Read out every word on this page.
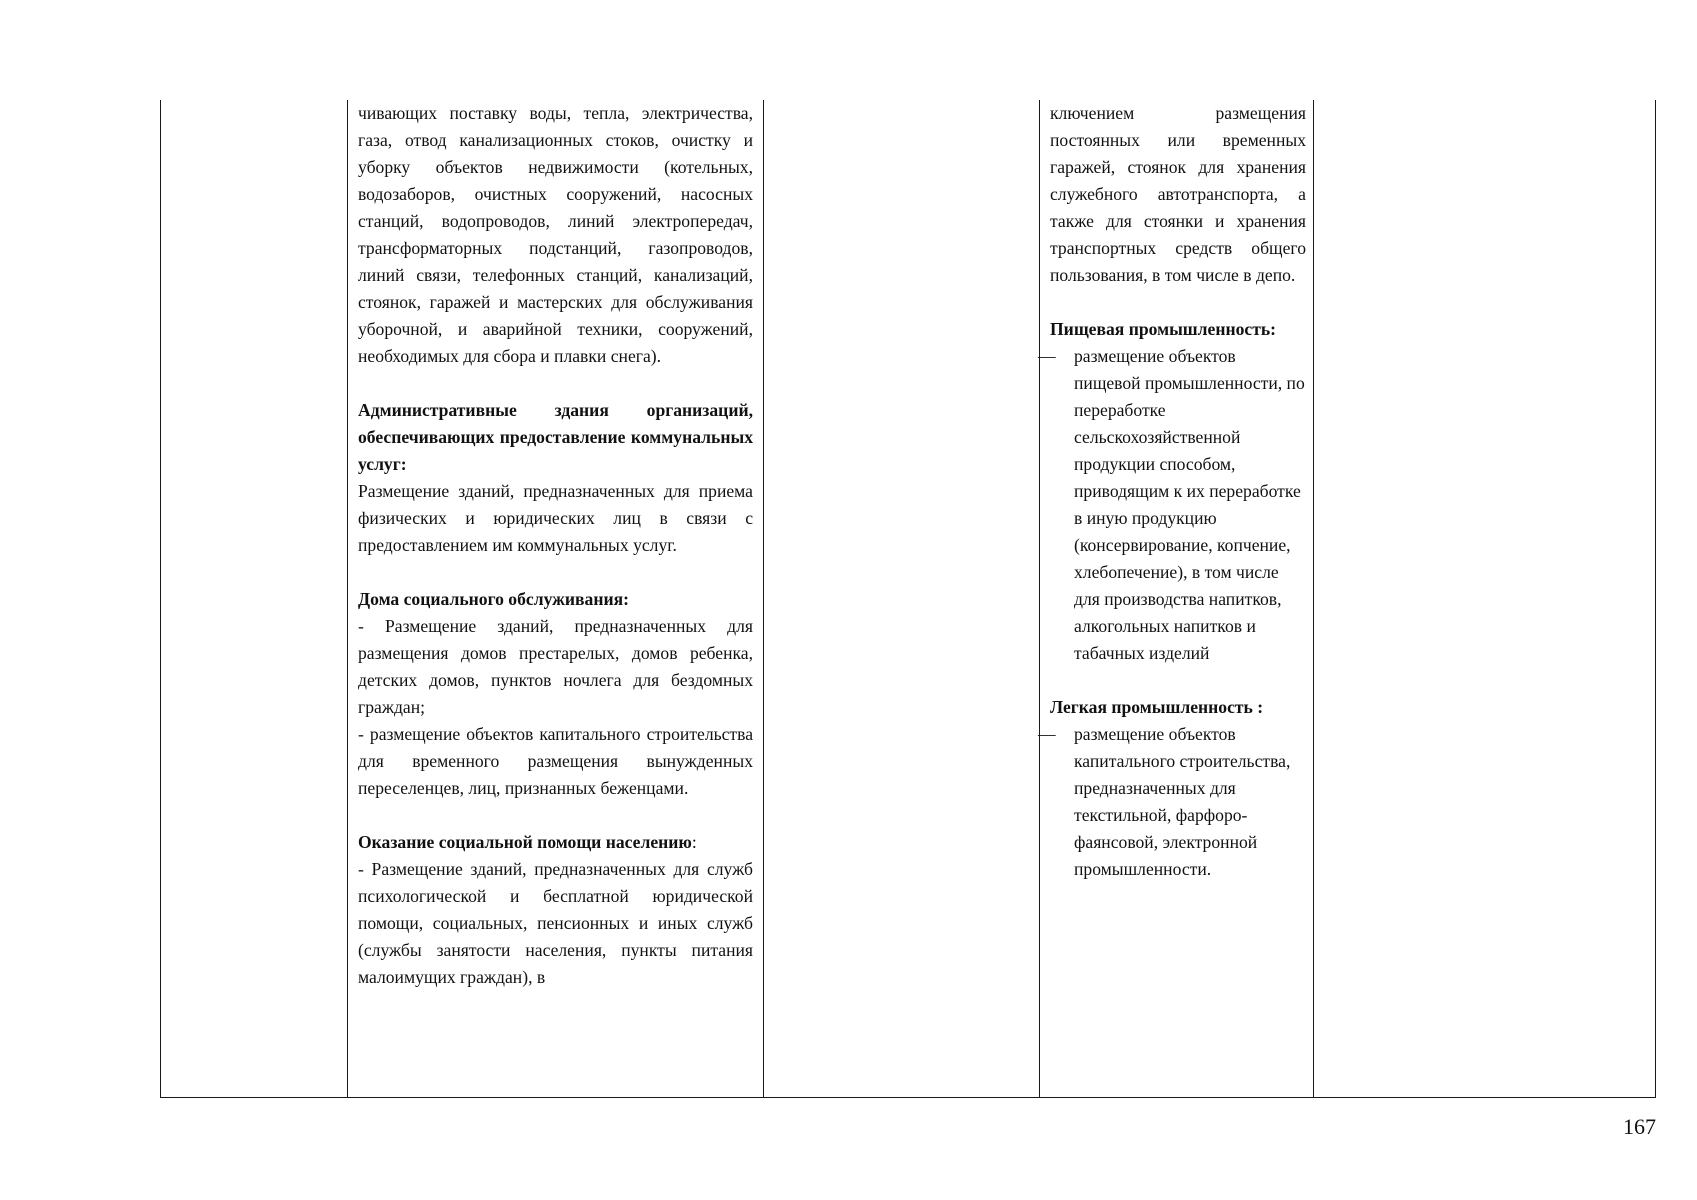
чивающих поставку воды, тепла, электричества, газа, отвод канализационных стоков, очистку и уборку объектов недвижимости (котельных, водозаборов, очистных сооружений, насосных станций, водопроводов, линий электропередач, трансформаторных подстанций, газопроводов, линий связи, телефонных станций, канализаций, стоянок, гаражей и мастерских для обслуживания уборочной, и аварийной техники, сооружений, необходимых для сбора и плавки снега).

Административные здания организаций, обеспечивающих предоставление коммунальных услуг:

Размещение зданий, предназначенных для приема физических и юридических лиц в связи с предоставлением им коммунальных услуг.

Дома социального обслуживания:

- Размещение зданий, предназначенных для размещения домов престарелых, домов ребенка, детских домов, пунктов ночлега для бездомных граждан;

- размещение объектов капитального строительства для временного размещения вынужденных переселенцев, лиц, признанных беженцами.

Оказание социальной помощи населению:

- Размещение зданий, предназначенных для служб психологической и бесплатной юридической помощи, социальных, пенсионных и иных служб (службы занятости населения, пункты питания малоимущих граждан), в

ключением размещения постоянных или временных гаражей, стоянок для хранения служебного автотранспорта, а также для стоянки и хранения транспортных средств общего пользования, в том числе в депо.

Пищевая промышленность:

— размещение объектов пищевой промышленности, по переработке сельскохозяйственной продукции способом, приводящим к их переработке в иную продукцию (консервирование, копчение, хлебопечение), в том числе для производства напитков, алкогольных напитков и табачных изделий

Легкая промышленность :

— размещение объектов капитального строительства, предназначенных для текстильной, фарфоро-фаянсовой, электронной промышленности.
167
